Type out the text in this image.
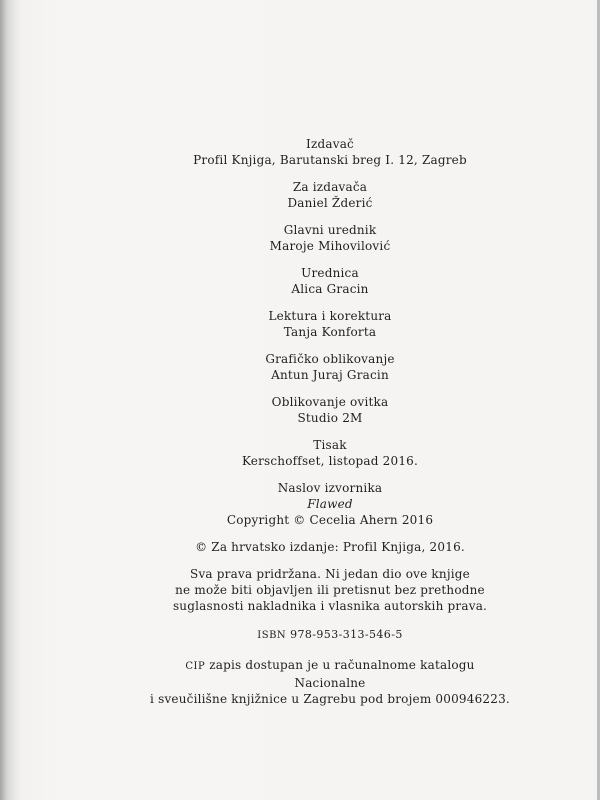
Izdavač

Profil Knjiga, Barutanski breg I. 12, Zagreb

Za izdavača

Daniel Žderić

Glavni urednik

Maroje Mihovilović

Urednica

Alica Gracin

Lektura i korektura

Tanja Konforta

Grafičko oblikovanje

Antun Juraj Gracin

Oblikovanje ovitka

Studio 2M

Tisak

Kerschoffset, listopad 2016.

Naslov izvornika

Flawed

Copyright © Cecelia Ahern 2016

© Za hrvatsko izdanje: Profil Knjiga, 2016.

Sva prava pridržana. Ni jedan dio ove knjige

ne može biti objavljen ili pretisnut bez prethodne

suglasnosti nakladnika i vlasnika autorskih prava.

ISBN 978-953-313-546-5

CIP zapis dostupan je u računalnome katalogu Nacionalne

i sveučilišne knjižnice u Zagrebu pod brojem 000946223.
